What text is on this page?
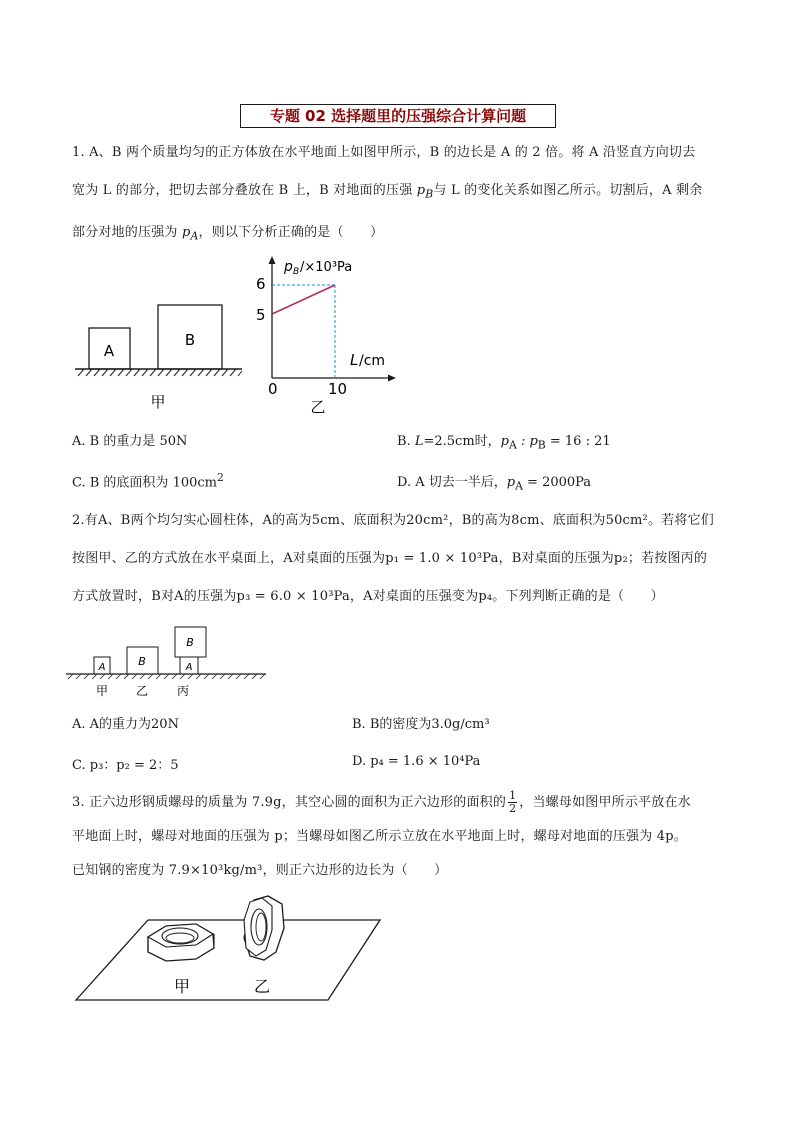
专题 02 选择题里的压强综合计算问题
1. A、B 两个质量均匀的正方体放在水平地面上如图甲所示，B 的边长是 A 的 2 倍。将 A 沿竖直方向切去
宽为 L 的部分，把切去部分叠放在 B 上，B 对地面的压强 $p_B$与 L 的变化关系如图乙所示。切割后，A 剩余
部分对地的压强为 $p_A$，则以下分析正确的是（　　）
A
B
甲
p B /×10³Pa
L /cm
6
5
0	10
乙
A. B 的重力是 50N	B. L=2.5cm时，$p_A$ : $p_B = 16$ : 21
C. B 的底面积为 $100cm^2$	D. A 切去一半后，$p_A = 2000Pa$
2.有A、B两个均匀实心圆柱体，A的高为5cm、底面积为20cm²，B的高为8cm、底面积为50cm²。若将它们
按图甲、乙的方式放在水平桌面上，A对桌面的压强为p₁ = 1.0 × 10³Pa，B对桌面的压强为p₂；若按图丙的
方式放置时，B对A的压强为p₃ = 6.0 × 10³Pa，A对桌面的压强变为p₄。下列判断正确的是（　　）
A	B
B
A
甲 乙 丙
A. A的重力为20N	B. B的密度为3.0g/cm³
C. p₃：p₂ = 2：5	D. p₄ = 1.6 × 10⁴Pa
3. 正六边形钢质螺母的质量为 7.9g，其空心圆的面积为正六边形的面积的 $\frac{1}{2}$ ，当螺母如图甲所示平放在水
平地面上时，螺母对地面的压强为 p；当螺母如图乙所示立放在水平地面上时，螺母对地面的压强为 4p。
已知钢的密度为 7.9×10³kg/m³，则正六边形的边长为（　　）
甲	乙
